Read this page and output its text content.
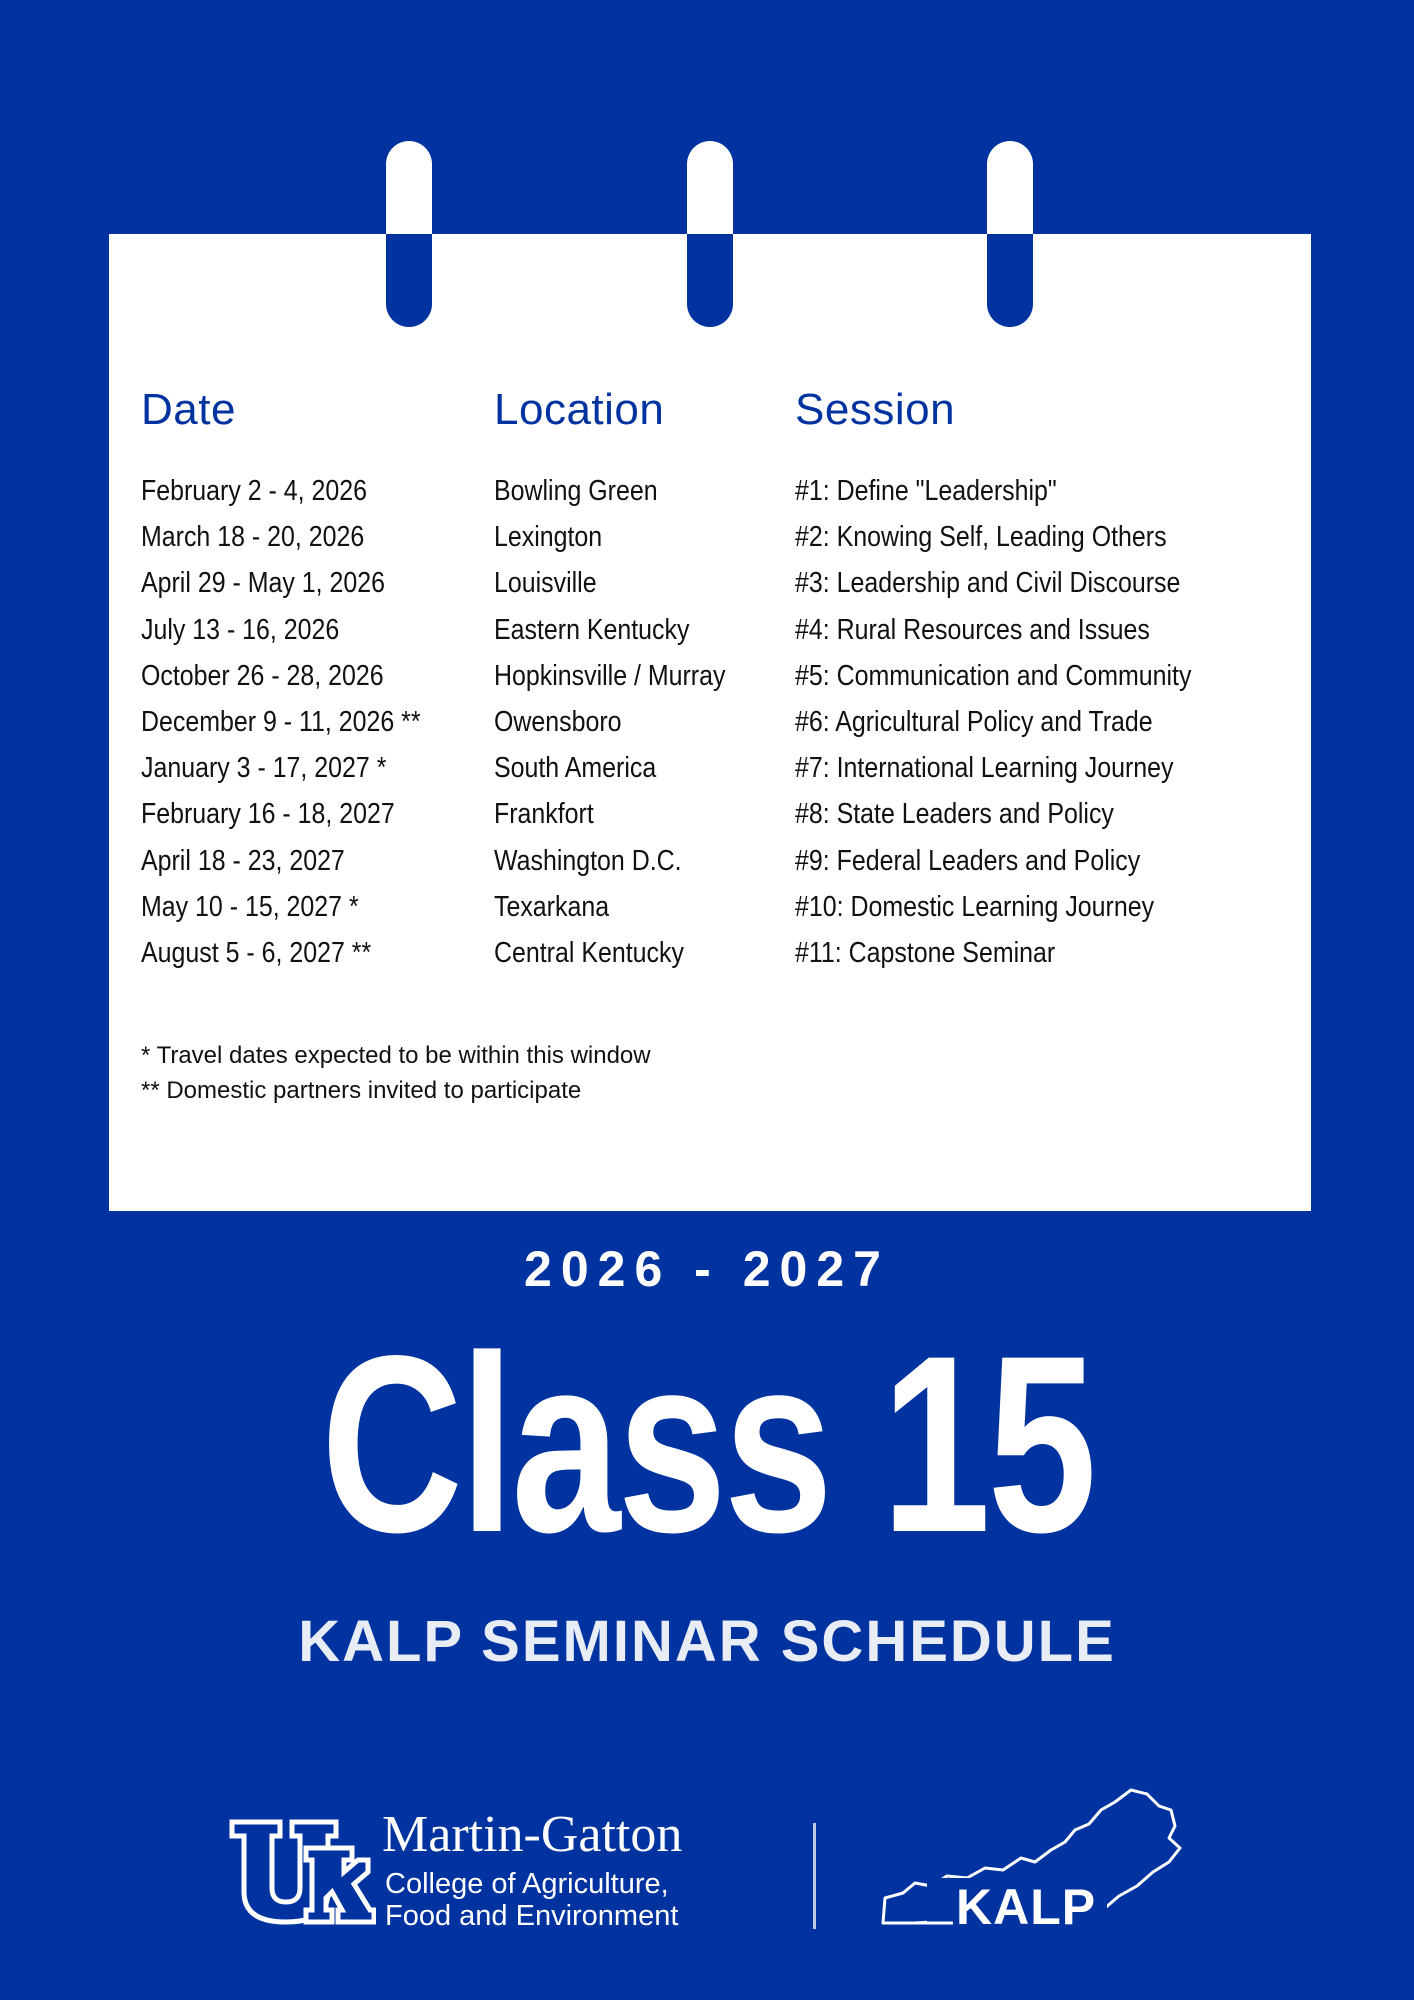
Date
February 2 - 4, 2026
March 18 - 20, 2026
April 29 - May 1, 2026
July 13 - 16, 2026
October 26 - 28, 2026
December 9 - 11, 2026 **
January 3 - 17, 2027 *
February 16 - 18, 2027
April 18 - 23, 2027
May 10 - 15, 2027 *
August 5 - 6, 2027 **
Location
Bowling Green
Lexington
Louisville
Eastern Kentucky
Hopkinsville / Murray
Owensboro
South America
Frankfort
Washington D.C.
Texarkana
Central Kentucky
Session
#1: Define "Leadership"
#2: Knowing Self, Leading Others
#3: Leadership and Civil Discourse
#4: Rural Resources and Issues
#5: Communication and Community
#6: Agricultural Policy and Trade
#7: International Learning Journey
#8: State Leaders and Policy
#9: Federal Leaders and Policy
#10: Domestic Learning Journey
#11: Capstone Seminar
* Travel dates expected to be within this window
** Domestic partners invited to participate
2026 - 2027
Class 15
KALP SEMINAR SCHEDULE
Martin-Gatton
College of Agriculture,
Food and Environment	KALP
